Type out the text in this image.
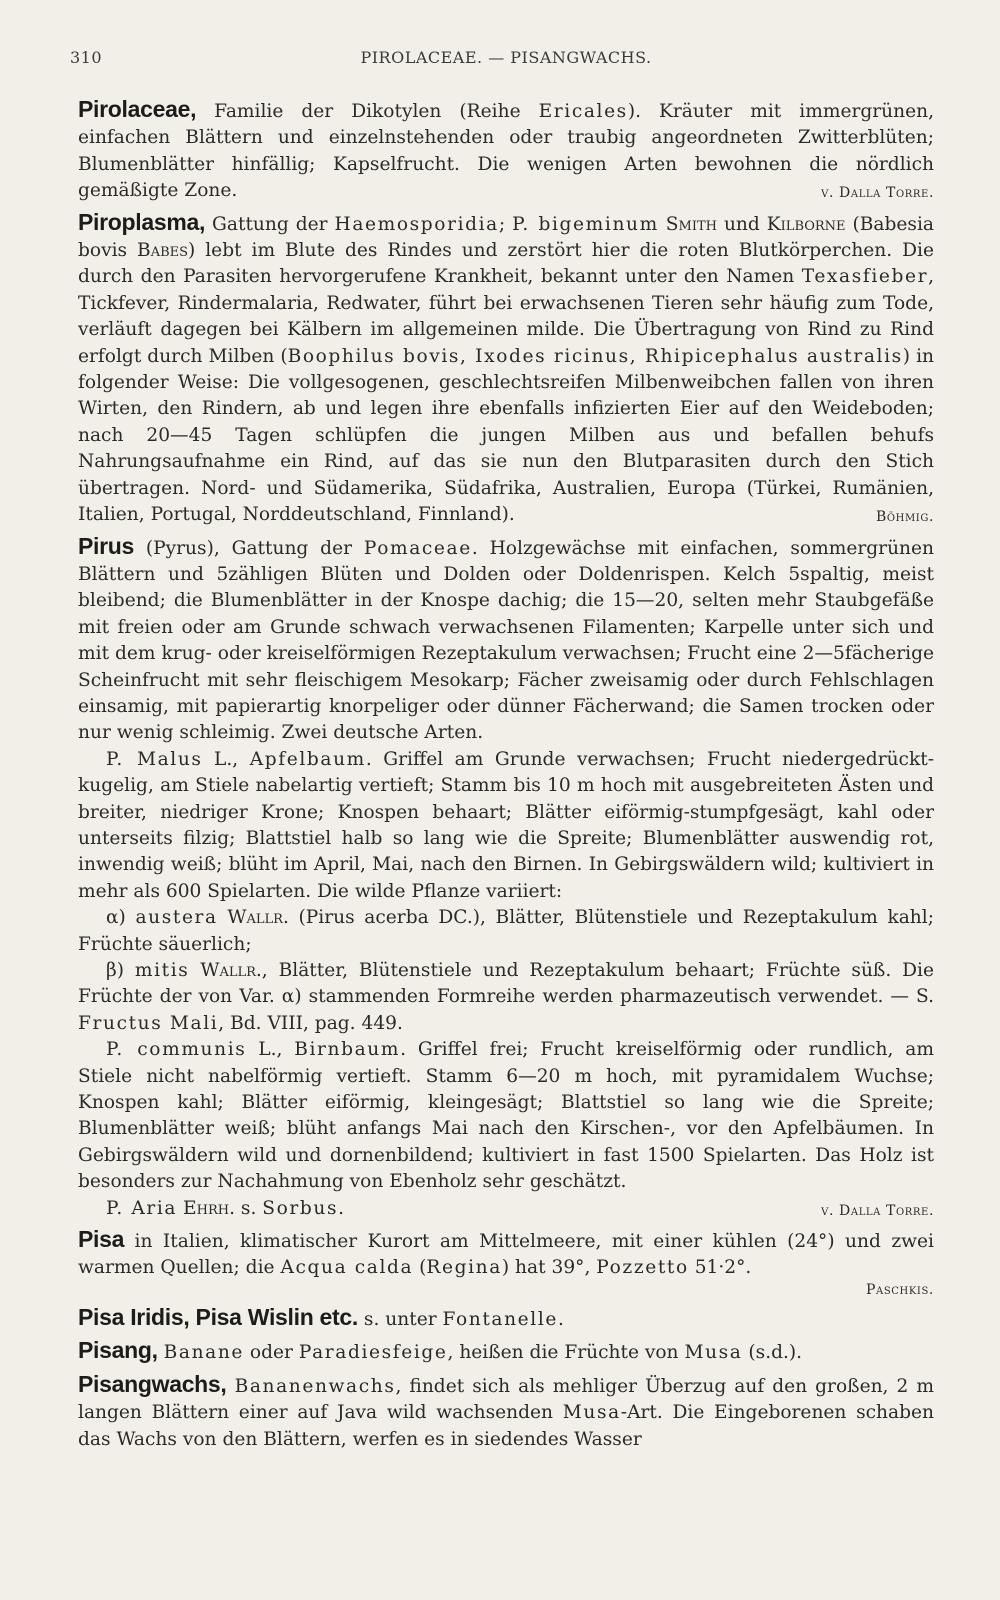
310	PIROLACEAE. — PISANGWACHS.

Pirolaceae, Familie der Dikotylen (Reihe Ericales). Kräuter mit immergrünen, einfachen Blättern und einzelnstehenden oder traubig angeordneten Zwitterblüten; Blumenblätter hinfällig; Kapselfrucht. Die wenigen Arten bewohnen die nördlich gemäßigte Zone.	v. Dalla Torre.

Piroplasma, Gattung der Haemosporidia; P. bigeminum Smith und Kilborne (Babesia bovis Babes) lebt im Blute des Rindes und zerstört hier die roten Blutkörperchen. Die durch den Parasiten hervorgerufene Krankheit, bekannt unter den Namen Texasfieber, Tickfever, Rindermalaria, Redwater, führt bei erwachsenen Tieren sehr häufig zum Tode, verläuft dagegen bei Kälbern im allgemeinen milde. Die Übertragung von Rind zu Rind erfolgt durch Milben (Boophilus bovis, Ixodes ricinus, Rhipicephalus australis) in folgender Weise: Die vollgesogenen, geschlechtsreifen Milbenweibchen fallen von ihren Wirten, den Rindern, ab und legen ihre ebenfalls infizierten Eier auf den Weideboden; nach 20—45 Tagen schlüpfen die jungen Milben aus und befallen behufs Nahrungsaufnahme ein Rind, auf das sie nun den Blutparasiten durch den Stich übertragen. Nord- und Südamerika, Südafrika, Australien, Europa (Türkei, Rumänien, Italien, Portugal, Norddeutschland, Finnland).	Böhmig.

Pirus (Pyrus), Gattung der Pomaceae. Holzgewächse mit einfachen, sommergrünen Blättern und 5zähligen Blüten und Dolden oder Doldenrispen. Kelch 5spaltig, meist bleibend; die Blumenblätter in der Knospe dachig; die 15—20, selten mehr Staubgefäße mit freien oder am Grunde schwach verwachsenen Filamenten; Karpelle unter sich und mit dem krug- oder kreiselförmigen Rezeptakulum verwachsen; Frucht eine 2—5fächerige Scheinfrucht mit sehr fleischigem Mesokarp; Fächer zweisamig oder durch Fehlschlagen einsamig, mit papierartig knorpeliger oder dünner Fächerwand; die Samen trocken oder nur wenig schleimig. Zwei deutsche Arten.

P. Malus L., Apfelbaum. Griffel am Grunde verwachsen; Frucht niedergedrückt-kugelig, am Stiele nabelartig vertieft; Stamm bis 10 m hoch mit ausgebreiteten Ästen und breiter, niedriger Krone; Knospen behaart; Blätter eiförmig-stumpfgesägt, kahl oder unterseits filzig; Blattstiel halb so lang wie die Spreite; Blumenblätter auswendig rot, inwendig weiß; blüht im April, Mai, nach den Birnen. In Gebirgswäldern wild; kultiviert in mehr als 600 Spielarten. Die wilde Pflanze variiert:

α) austera Wallr. (Pirus acerba DC.), Blätter, Blütenstiele und Rezeptakulum kahl; Früchte säuerlich;

β) mitis Wallr., Blätter, Blütenstiele und Rezeptakulum behaart; Früchte süß. Die Früchte der von Var. α) stammenden Formreihe werden pharmazeutisch verwendet. — S. Fructus Mali, Bd. VIII, pag. 449.

P. communis L., Birnbaum. Griffel frei; Frucht kreiselförmig oder rundlich, am Stiele nicht nabelförmig vertieft. Stamm 6—20 m hoch, mit pyramidalem Wuchse; Knospen kahl; Blätter eiförmig, kleingesägt; Blattstiel so lang wie die Spreite; Blumenblätter weiß; blüht anfangs Mai nach den Kirschen-, vor den Apfelbäumen. In Gebirgswäldern wild und dornenbildend; kultiviert in fast 1500 Spielarten. Das Holz ist besonders zur Nachahmung von Ebenholz sehr geschätzt.

P. Aria Ehrh. s. Sorbus.	v. Dalla Torre.

Pisa in Italien, klimatischer Kurort am Mittelmeere, mit einer kühlen (24°) und zwei warmen Quellen; die Acqua calda (Regina) hat 39°, Pozzetto 51·2°.

Paschkis.

Pisa Iridis, Pisa Wislin etc. s. unter Fontanelle.

Pisang, Banane oder Paradiesfeige, heißen die Früchte von Musa (s.d.).

Pisangwachs, Bananenwachs, findet sich als mehliger Überzug auf den großen, 2 m langen Blättern einer auf Java wild wachsenden Musa-Art. Die Eingeborenen schaben das Wachs von den Blättern, werfen es in siedendes Wasser
